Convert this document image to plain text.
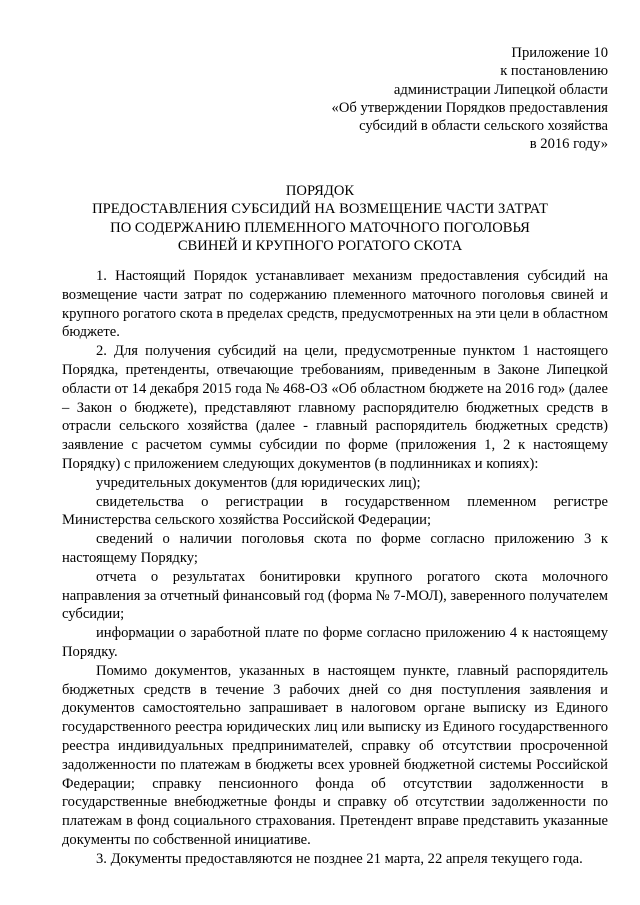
Приложение 10
к постановлению
администрации Липецкой области
«Об утверждении Порядков предоставления
субсидий в области сельского хозяйства
в 2016 году»
ПОРЯДОК
ПРЕДОСТАВЛЕНИЯ СУБСИДИЙ НА ВОЗМЕЩЕНИЕ ЧАСТИ ЗАТРАТ
ПО СОДЕРЖАНИЮ ПЛЕМЕННОГО МАТОЧНОГО ПОГОЛОВЬЯ
СВИНЕЙ И КРУПНОГО РОГАТОГО СКОТА

1. Настоящий Порядок устанавливает механизм предоставления субсидий на возмещение части затрат по содержанию племенного маточного поголовья свиней и крупного рогатого скота в пределах средств, предусмотренных на эти цели в областном бюджете.

2. Для получения субсидий на цели, предусмотренные пунктом 1 настоящего Порядка, претенденты, отвечающие требованиям, приведенным в Законе Липецкой области от 14 декабря 2015 года № 468-ОЗ «Об областном бюджете на 2016 год» (далее – Закон о бюджете), представляют главному распорядителю бюджетных средств в отрасли сельского хозяйства (далее - главный распорядитель бюджетных средств) заявление с расчетом суммы субсидии по форме (приложения 1, 2 к настоящему Порядку) с приложением следующих документов (в подлинниках и копиях):

учредительных документов (для юридических лиц);

свидетельства о регистрации в государственном племенном регистре Министерства сельского хозяйства Российской Федерации;

сведений о наличии поголовья скота по форме согласно приложению 3 к настоящему Порядку;

отчета о результатах бонитировки крупного рогатого скота молочного направления за отчетный финансовый год (форма № 7-МОЛ), заверенного получателем субсидии;

информации о заработной плате по форме согласно приложению 4 к настоящему Порядку.

Помимо документов, указанных в настоящем пункте, главный распорядитель бюджетных средств в течение 3 рабочих дней со дня поступления заявления и документов самостоятельно запрашивает в налоговом органе выписку из Единого государственного реестра юридических лиц или выписку из Единого государственного реестра индивидуальных предпринимателей, справку об отсутствии просроченной задолженности по платежам в бюджеты всех уровней бюджетной системы Российской Федерации; справку пенсионного фонда об отсутствии задолженности в государственные внебюджетные фонды и справку об отсутствии задолженности по платежам в фонд социального страхования. Претендент вправе представить указанные документы по собственной инициативе.

3. Документы предоставляются не позднее 21 марта, 22 апреля текущего года.
